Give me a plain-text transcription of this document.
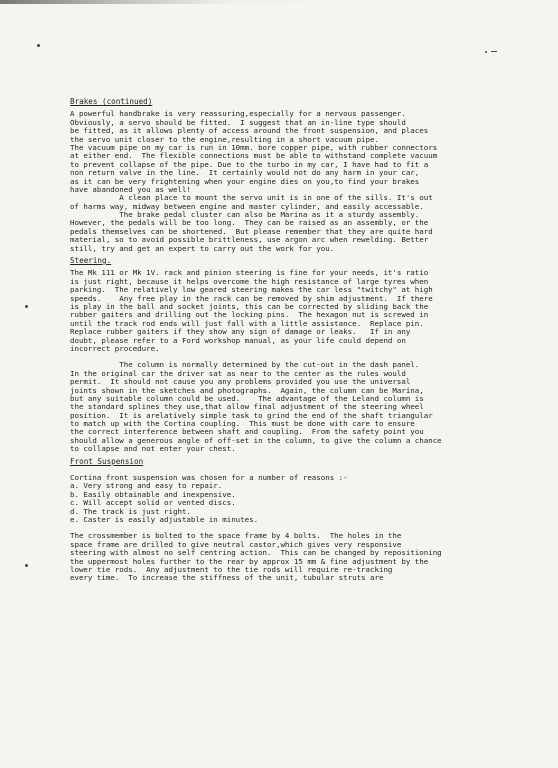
Brakes (continued)
A powerful handbrake is very reassuring,especially for a nervous passenger.
Obviously, a servo should be fitted.  I suggest that an in-line type should
be fitted, as it allows plenty of access around the front suspension, and places
the servo unit closer to the engine,resulting in a short vacuum pipe.
The vacuum pipe on my car is run in 10mm. bore copper pipe, with rubber connectors
at either end.  The flexible connections must be able to withstand complete vacuum
to prevent collapse of the pipe. Due to the turbo in my car, I have had to fit a
non return valve in the line.  It certainly would not do any harm in your car,
as it can be very frightening when your engine dies on you,to find your brakes
have abandoned you as well!
A clean place to mount the servo unit is in one of the sills. It's out
of harms way, midway between engine and master cylinder, and easily accessable.
The brake pedal cluster can also be Marina as it a sturdy assembly.
However, the pedals will be too long.  They can be raised as an assembly, or the
pedals themselves can be shortened.  But please remember that they are quite hard
material, so to avoid possible brittleness, use argon arc when rewelding. Better
still, try and get an expert to carry out the work for you.
Steering.
The Mk 111 or Mk 1V. rack and pinion steering is fine for your needs, it's ratio
is just right, because it helps overcome the high resistance of large tyres when
parking.  The relatively low geared steering makes the car less "twitchy" at high
speeds.    Any free play in the rack can be removed by shim adjustment.  If there
is play in the ball and socket joints, this can be corrected by sliding back the
rubber gaiters and drilling out the locking pins.  The hexagon nut is screwed in
until the track rod ends will just fall with a little assistance.  Replace pin.
Replace rubber gaiters if they show any sign of damage or leaks.   If in any
doubt, please refer to a Ford workshop manual, as your life could depend on
incorrect procedure.
The column is normally determined by the cut-out in the dash panel.
In the original car the driver sat as near to the center as the rules would
permit.  It should not cause you any problems provided you use the universal
joints shown in the sketches and photographs.  Again, the column can be Marina,
but any suitable column could be used.    The advantage of the Leland column is
the standard splines they use,that allow final adjustment of the steering wheel
position.  It is arelatively simple task to grind the end of the shaft triangular
to match up with the Cortina coupling.  This must be done with care to ensure
the correct interference between shaft and coupling.  From the safety point you
should allow a generous angle of off-set in the column, to give the column a chance
to collapse and not enter your chest.
Front Suspension
Cortina front suspension was chosen for a number of reasons :-
a. Very strong and easy to repair.
b. Easily obtainable and inexpensive.
c. Will accept solid or vented discs.
d. The track is just right.
e. Caster is easily adjustable in minutes.
The crossmember is bolted to the space frame by 4 bolts.  The holes in the
space frame are drilled to give neutral castor,which gives very responsive
steering with almost no self centring action.  This can be changed by repositioning
the uppermost holes further to the rear by approx 15 mm & fine adjustment by the
lower tie rods.  Any adjustment to the tie rods will require re-tracking
every time.  To increase the stiffness of the unit, tubular struts are
